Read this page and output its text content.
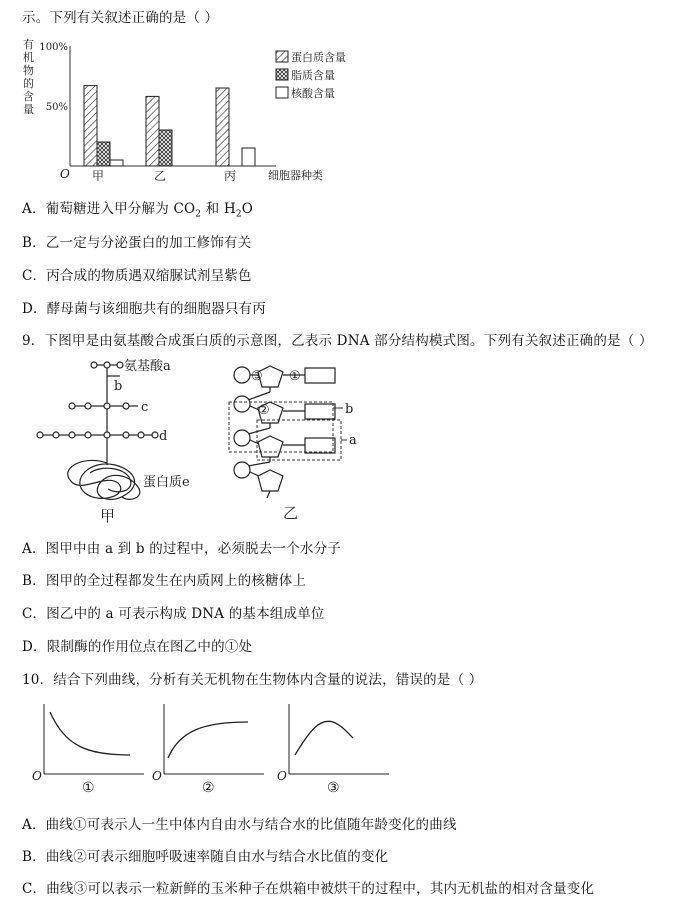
示。下列有关叙述正确的是（ ）
有
机
物
的
含
量
100%
50%
O 甲	乙	丙	细胞器种类
蛋白质含量
脂质含量
核酸含量
A．葡萄糖进入甲分解为 $CO_2$ 和 $H_2O$
B．乙一定与分泌蛋白的加工修饰有关
C．丙合成的物质遇双缩脲试剂呈紫色
D．酵母菌与该细胞共有的细胞器只有丙
9．下图甲是由氨基酸合成蛋白质的示意图，乙表示 DNA 部分结构模式图。下列有关叙述正确的是（ ）
氨基酸a
b
c
d
蛋白质e
甲
③ ①
②	b
a
乙
A．图甲中由 a 到 b 的过程中，必须脱去一个水分子
B．图甲的全过程都发生在内质网上的核糖体上
C．图乙中的 a 可表示构成 DNA 的基本组成单位
D．限制酶的作用位点在图乙中的①处
10．结合下列曲线，分析有关无机物在生物体内含量的说法，错误的是（ ）
O
①
O
②
O
③
A．曲线①可表示人一生中体内自由水与结合水的比值随年龄变化的曲线
B．曲线②可表示细胞呼吸速率随自由水与结合水比值的变化
C．曲线③可以表示一粒新鲜的玉米种子在烘箱中被烘干的过程中，其内无机盐的相对含量变化
